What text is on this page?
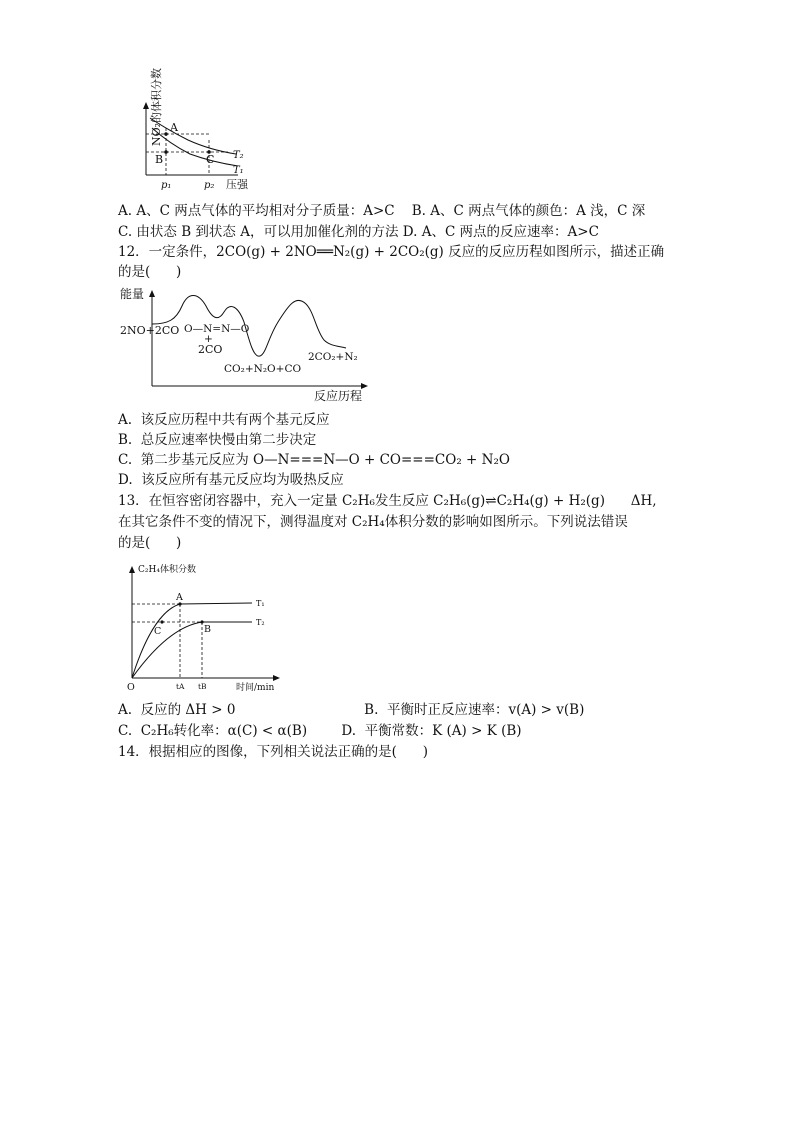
NO₂的体积分数 A
B	C T₂
T₁
p₁	p₂ 压强
A. A、C 两点气体的平均相对分子质量：A>C    B. A、C 两点气体的颜色：A 浅，C 深
C. 由状态 B 到状态 A，可以用加催化剂的方法 D. A、C 两点的反应速率：A>C
12．一定条件，2CO(g) + 2NO══N₂(g) + 2CO₂(g) 反应的反应历程如图所示，描述正确
的是(      )
能量
2NO+2CO O—N=N—O
+
2CO
CO₂+N₂O+CO
2CO₂+N₂
反应历程
A.  该反应历程中共有两个基元反应
B.  总反应速率快慢由第二步决定
C.  第二步基元反应为 O—N===N—O + CO===CO₂ + N₂O
D.  该反应所有基元反应均为吸热反应
13．在恒容密闭容器中，充入一定量 C₂H₆发生反应 C₂H₆(g)⇌C₂H₄(g) + H₂(g)      ΔH,
在其它条件不变的情况下，测得温度对 C₂H₄体积分数的影响如图所示。下列说法错误
的是(      )
C₂H₄体积分数
A
B
C
T₁
T₂
O	tA tB	时间/min
A.  反应的 ΔH > 0                              B.  平衡时正反应速率：v(A) > v(B)
C.  C₂H₆转化率：α(C) < α(B)        D.  平衡常数：K (A) > K (B)
14．根据相应的图像，下列相关说法正确的是(      )
